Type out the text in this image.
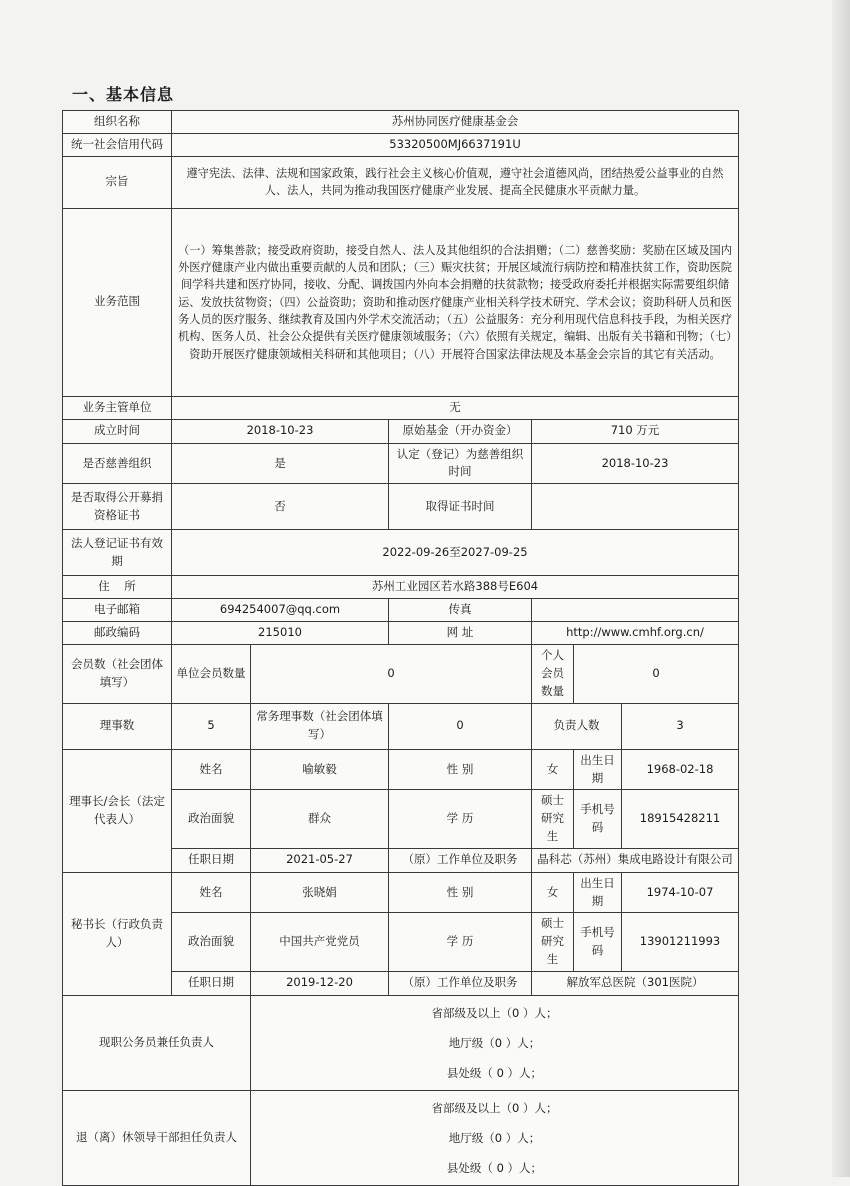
一、基本信息
组织名称	苏州协同医疗健康基金会					
统一社会信用代码	53320500MJ6637191U					
宗旨	遵守宪法、法律、法规和国家政策，践行社会主义核心价值观，遵守社会道德风尚，团结热爱公益事业的自然人、法人，共同为推动我国医疗健康产业发展、提高全民健康水平贡献力量。					
业务范围	（一）筹集善款；接受政府资助，接受自然人、法人及其他组织的合法捐赠；（二）慈善奖励：奖励在区域及国内外医疗健康产业内做出重要贡献的人员和团队；（三）赈灾扶贫；开展区域流行病防控和精准扶贫工作，资助医院间学科共建和医疗协同，接收、分配、调拨国内外向本会捐赠的扶贫款物；接受政府委托并根据实际需要组织储运、发放扶贫物资；（四）公益资助；资助和推动医疗健康产业相关科学技术研究、学术会议；资助科研人员和医务人员的医疗服务、继续教育及国内外学术交流活动；（五）公益服务：充分利用现代信息科技手段，为相关医疗机构、医务人员、社会公众提供有关医疗健康领域服务；（六）依照有关规定，编辑、出版有关书籍和刊物；（七）资助开展医疗健康领域相关科研和其他项目；（八）开展符合国家法律法规及本基金会宗旨的其它有关活动。					
业务主管单位	无					
成立时间	2018-10-23		原始基金（开办资金）	710 万元		
是否慈善组织	是		认定（登记）为慈善组织时间	2018-10-23		
是否取得公开募捐资格证书	否		取得证书时间			
法人登记证书有效期	2022-09-26至2027-09-25					
住    所	苏州工业园区若水路388号E604					
电子邮箱	694254007@qq.com		传真			
邮政编码	215010		网 址	http://www.cmhf.org.cn/		
会员数（社会团体填写）	单位会员数量	0		个人会员数量	0	
理事数	5	常务理事数（社会团体填写）	0	负责人数		3
理事长/会长（法定代表人）	姓名	喻敏毅	性 别	女	出生日期	1968-02-18
	政治面貌	群众	学 历	硕士研究生	手机号码	18915428211
	任职日期	2021-05-27	（原）工作单位及职务	晶科芯（苏州）集成电路设计有限公司		
秘书长（行政负责人）	姓名	张晓娟	性 别	女	出生日期	1974-10-07
	政治面貌	中国共产党党员	学 历	硕士研究生	手机号码	13901211993
	任职日期	2019-12-20	（原）工作单位及职务	解放军总医院（301医院）		
现职公务员兼任负责人		省部级及以上（0 ）人；
地厅级（0 ）人；
县处级（ 0 ）人；				

退（离）休领导干部担任负责人		省部级及以上（0 ）人；
地厅级（0 ）人；
县处级（ 0 ）人；				
